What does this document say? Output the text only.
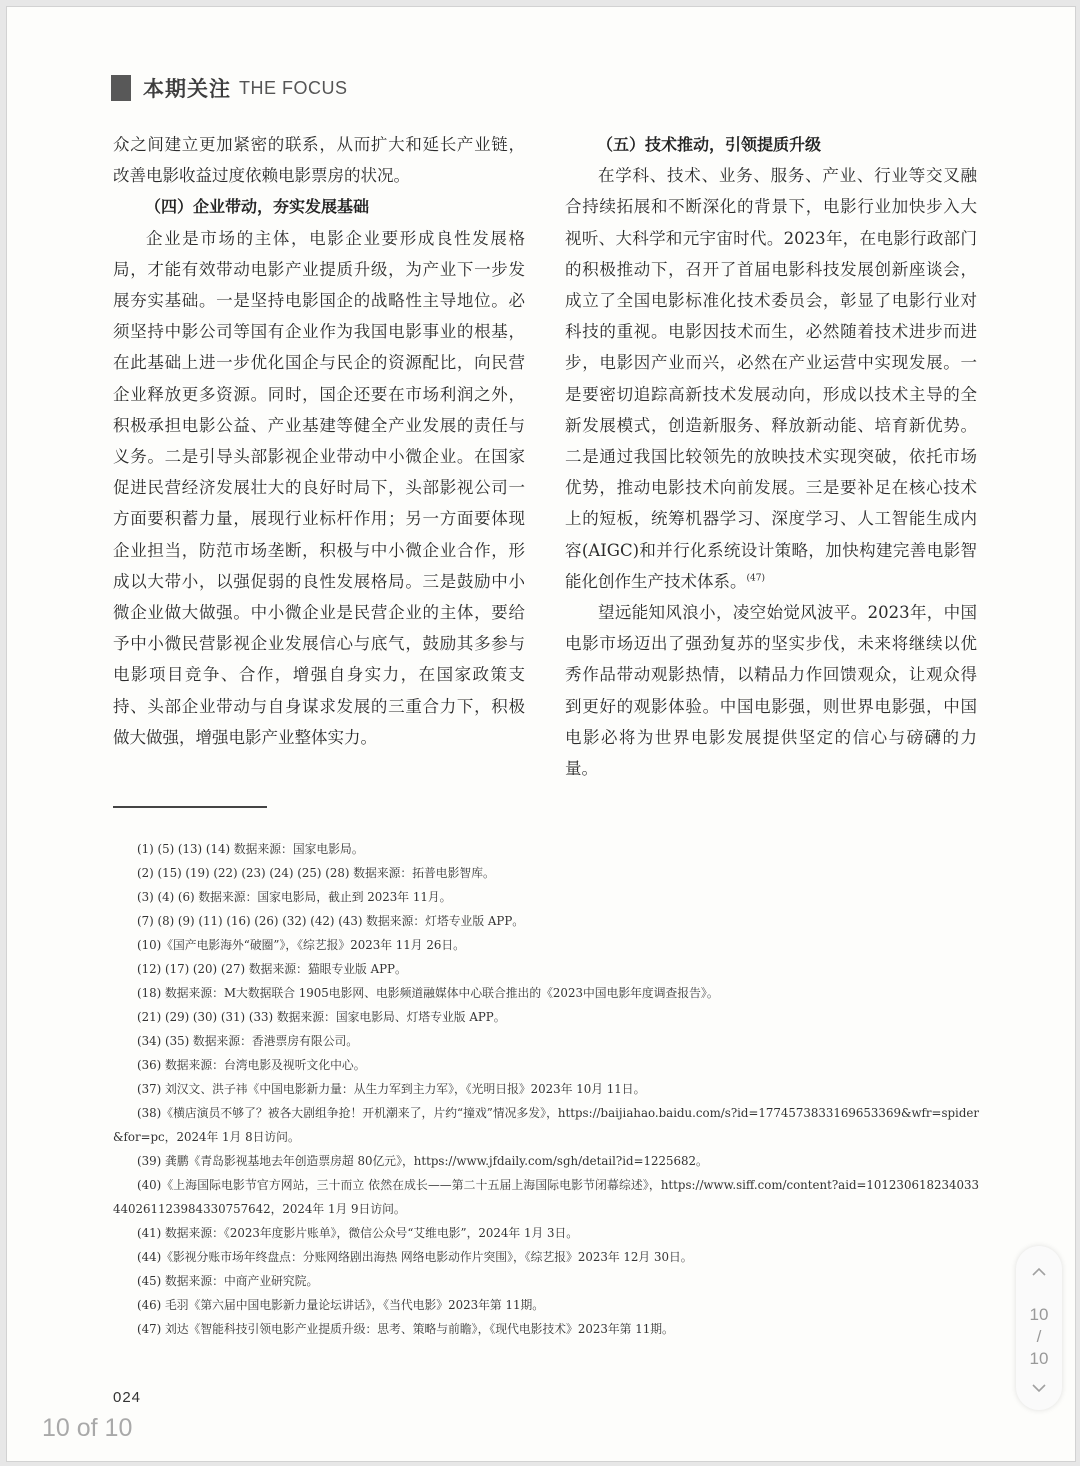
本期关注 THE FOCUS

众之间建立更加紧密的联系，从而扩大和延长产业链，改善电影收益过度依赖电影票房的状况。

（四）企业带动，夯实发展基础

企业是市场的主体，电影企业要形成良性发展格局，才能有效带动电影产业提质升级，为产业下一步发展夯实基础。一是坚持电影国企的战略性主导地位。必须坚持中影公司等国有企业作为我国电影事业的根基，在此基础上进一步优化国企与民企的资源配比，向民营企业释放更多资源。同时，国企还要在市场利润之外，积极承担电影公益、产业基建等健全产业发展的责任与义务。二是引导头部影视企业带动中小微企业。在国家促进民营经济发展壮大的良好时局下，头部影视公司一方面要积蓄力量，展现行业标杆作用；另一方面要体现企业担当，防范市场垄断，积极与中小微企业合作，形成以大带小，以强促弱的良性发展格局。三是鼓励中小微企业做大做强。中小微企业是民营企业的主体，要给予中小微民营影视企业发展信心与底气，鼓励其多参与电影项目竞争、合作，增强自身实力，在国家政策支持、头部企业带动与自身谋求发展的三重合力下，积极做大做强，增强电影产业整体实力。

（五）技术推动，引领提质升级

在学科、技术、业务、服务、产业、行业等交叉融合持续拓展和不断深化的背景下，电影行业加快步入大视听、大科学和元宇宙时代。2023年，在电影行政部门的积极推动下，召开了首届电影科技发展创新座谈会，成立了全国电影标准化技术委员会，彰显了电影行业对科技的重视。电影因技术而生，必然随着技术进步而进步，电影因产业而兴，必然在产业运营中实现发展。一是要密切追踪高新技术发展动向，形成以技术主导的全新发展模式，创造新服务、释放新动能、培育新优势。二是通过我国比较领先的放映技术实现突破，依托市场优势，推动电影技术向前发展。三是要补足在核心技术上的短板，统筹机器学习、深度学习、人工智能生成内容(AIGC)和并行化系统设计策略，加快构建完善电影智能化创作生产技术体系。$^{(47)}$

望远能知风浪小，凌空始觉风波平。2023年，中国电影市场迈出了强劲复苏的坚实步伐，未来将继续以优秀作品带动观影热情，以精品力作回馈观众，让观众得到更好的观影体验。中国电影强，则世界电影强，中国电影必将为世界电影发展提供坚定的信心与磅礴的力量。

(1) (5) (13) (14) 数据来源：国家电影局。
(2) (15) (19) (22) (23) (24) (25) (28) 数据来源：拓普电影智库。
(3) (4) (6) 数据来源：国家电影局，截止到 2023年 11月。
(7) (8) (9) (11) (16) (26) (32) (42) (43) 数据来源：灯塔专业版 APP。
(10)《国产电影海外“破圈”》，《综艺报》2023年 11月 26日。
(12) (17) (20) (27) 数据来源：猫眼专业版 APP。
(18) 数据来源：M大数据联合 1905电影网、电影频道融媒体中心联合推出的《2023中国电影年度调查报告》。
(21) (29) (30) (31) (33) 数据来源：国家电影局、灯塔专业版 APP。
(34) (35) 数据来源：香港票房有限公司。
(36) 数据来源：台湾电影及视听文化中心。
(37) 刘汉文、洪子祎《中国电影新力量：从生力军到主力军》，《光明日报》2023年 10月 11日。
(38)《横店演员不够了？被各大剧组争抢！开机潮来了，片约“撞戏”情况多发》，https://baijiahao.baidu.com/s?id=1774573833169653369&wfr=spider&for=pc，2024年 1月 8日访问。
(39) 龚鹏《青岛影视基地去年创造票房超 80亿元》，https://www.jfdaily.com/sgh/detail?id=1225682。
(40)《上海国际电影节官方网站，三十而立 依然在成长——第二十五届上海国际电影节闭幕综述》，https://www.siff.com/content?aid=101230618234033440261123984330757642，2024年 1月 9日访问。
(41) 数据来源：《2023年度影片账单》，微信公众号“艾维电影”，2024年 1月 3日。
(44)《影视分账市场年终盘点：分账网络剧出海热 网络电影动作片突围》，《综艺报》2023年 12月 30日。
(45) 数据来源：中商产业研究院。
(46) 毛羽《第六届中国电影新力量论坛讲话》，《当代电影》2023年第 11期。
(47) 刘达《智能科技引领电影产业提质升级：思考、策略与前瞻》，《现代电影技术》2023年第 11期。
024
10 of 10
10
/
10
